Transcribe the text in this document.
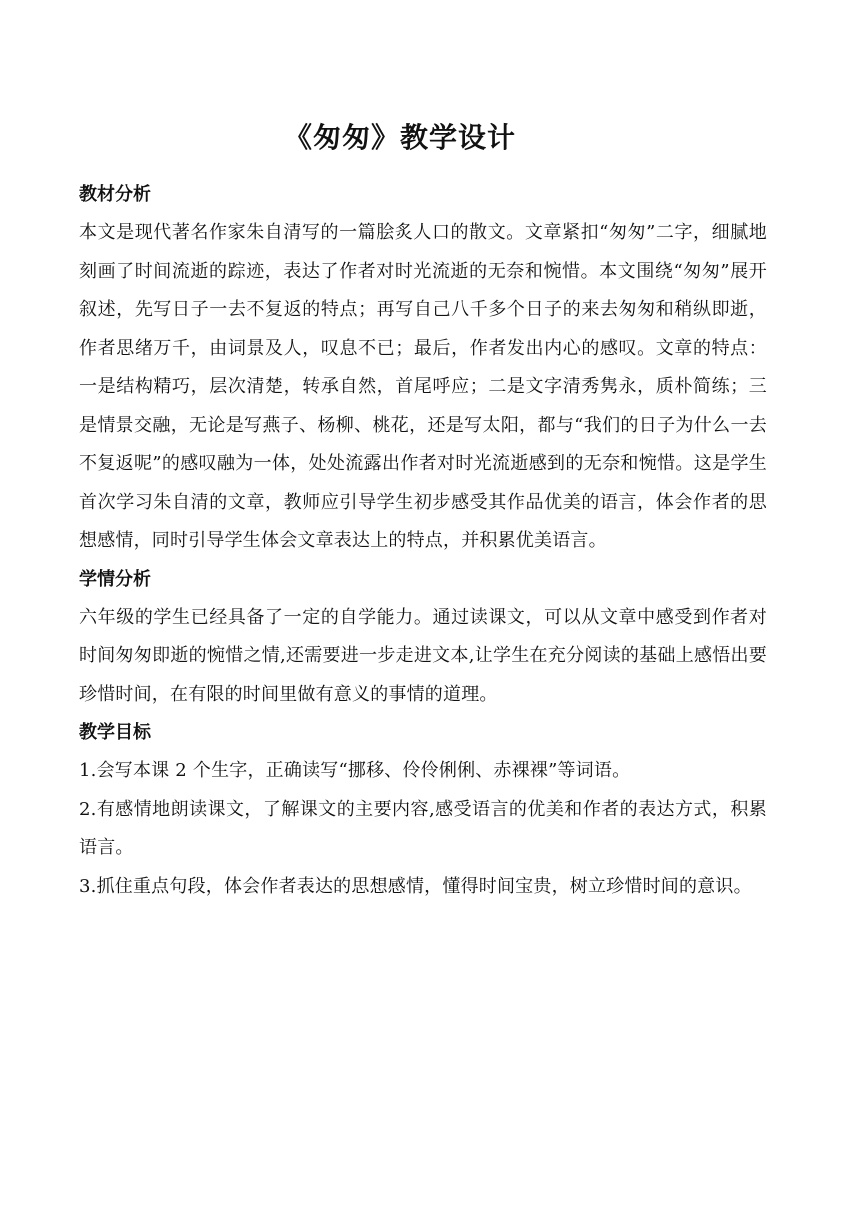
《匆匆》教学设计
教材分析

本文是现代著名作家朱自清写的一篇脍炙人口的散文。文章紧扣“匆匆”二字，细腻地刻画了时间流逝的踪迹，表达了作者对时光流逝的无奈和惋惜。本文围绕“匆匆”展开叙述，先写日子一去不复返的特点；再写自己八千多个日子的来去匆匆和稍纵即逝，作者思绪万千，由词景及人，叹息不已；最后，作者发出内心的感叹。文章的特点：一是结构精巧，层次清楚，转承自然，首尾呼应；二是文字清秀隽永，质朴简练；三是情景交融，无论是写燕子、杨柳、桃花，还是写太阳，都与“我们的日子为什么一去不复返呢”的感叹融为一体，处处流露出作者对时光流逝感到的无奈和惋惜。这是学生首次学习朱自清的文章，教师应引导学生初步感受其作品优美的语言，体会作者的思想感情，同时引导学生体会文章表达上的特点，并积累优美语言。

学情分析

六年级的学生已经具备了一定的自学能力。通过读课文，可以从文章中感受到作者对时间匆匆即逝的惋惜之情,还需要进一步走进文本,让学生在充分阅读的基础上感悟出要珍惜时间，在有限的时间里做有意义的事情的道理。

教学目标

1.会写本课 2 个生字，正确读写“挪移、伶伶俐俐、赤裸裸”等词语。

2.有感情地朗读课文，了解课文的主要内容,感受语言的优美和作者的表达方式，积累语言。

3.抓住重点句段，体会作者表达的思想感情，懂得时间宝贵，树立珍惜时间的意识。
